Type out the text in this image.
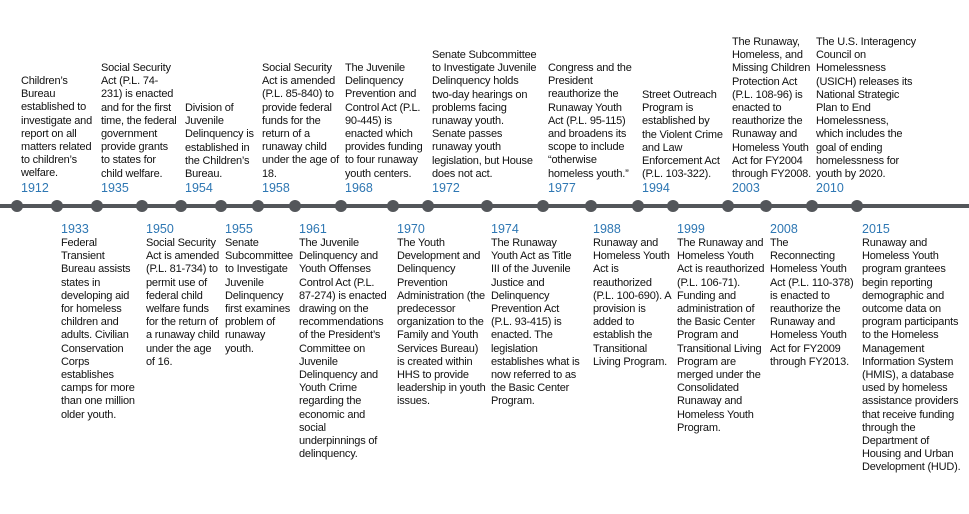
Children’s Bureau established to investigate and report on all matters related to children’s welfare.
1912
Social Security Act (P.L. 74-231) is enacted and for the first time, the federal government provide grants to states for child welfare.
1935
Division of Juvenile Delinquency is established in the Children’s Bureau.
1954
Social Security Act is amended (P.L. 85-840) to provide federal funds for the return of a runaway child under the age of 18.
1958
The Juvenile Delinquency Prevention and Control Act (P.L. 90-445) is enacted which provides funding to four runaway youth centers.
1968
Senate Subcommittee to Investigate Juvenile Delinquency holds two-day hearings on problems facing runaway youth. Senate passes runaway youth legislation, but House does not act.
1972
Congress and the President reauthorize the Runaway Youth Act (P.L. 95-115) and broadens its scope to include “otherwise homeless youth.”
1977
Street Outreach Program is established by the Violent Crime and Law Enforcement Act (P.L. 103-322).
1994
The Runaway, Homeless, and Missing Children Protection Act (P.L. 108-96) is enacted to reauthorize the Runaway and Homeless Youth Act for FY2004 through FY2008.
2003
The U.S. Interagency Council on Homelessness (USICH) releases its National Strategic Plan to End Homelessness, which includes the goal of ending homelessness for youth by 2020.
2010
1933
Federal Transient Bureau assists states in developing aid for homeless children and adults. Civilian Conservation Corps establishes camps for more than one million older youth.
1950
Social Security Act is amended (P.L. 81-734) to permit use of federal child welfare funds for the return of a runaway child under the age of 16.
1955
Senate Subcommittee to Investigate Juvenile Delinquency first examines problem of runaway youth.
1961
The Juvenile Delinquency and Youth Offenses Control Act (P.L. 87-274) is enacted drawing on the recommendations of the President’s Committee on Juvenile Delinquency and Youth Crime regarding the economic and social underpinnings of delinquency.
1970
The Youth Development and Delinquency Prevention Administration (the predecessor organization to the Family and Youth Services Bureau) is created within HHS to provide leadership in youth issues.
1974
The Runaway Youth Act as Title III of the Juvenile Justice and Delinquency Prevention Act (P.L. 93-415) is enacted. The legislation establishes what is now referred to as the Basic Center Program.
1988
Runaway and Homeless Youth Act is reauthorized (P.L. 100-690). A provision is added to establish the Transitional Living Program.
1999
The Runaway and Homeless Youth Act is reauthorized (P.L. 106-71). Funding and administration of the Basic Center Program and Transitional Living Program are merged under the Consolidated Runaway and Homeless Youth Program.
2008
The Reconnecting Homeless Youth Act (P.L. 110-378) is enacted to reauthorize the Runaway and Homeless Youth Act for FY2009 through FY2013.
2015
Runaway and Homeless Youth program grantees begin reporting demographic and outcome data on program participants to the Homeless Management Information System (HMIS), a database used by homeless assistance providers that receive funding through the Department of Housing and Urban Development (HUD).
